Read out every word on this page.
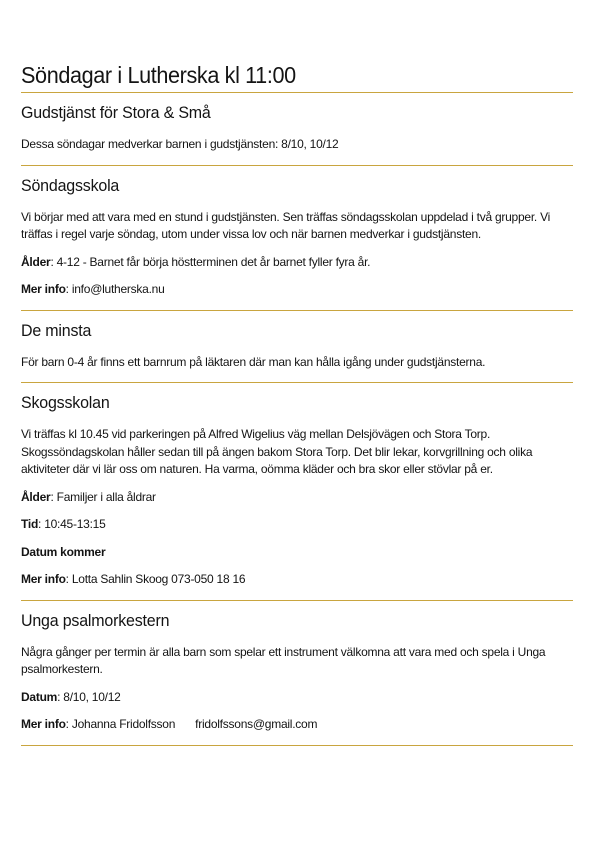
Söndagar i Lutherska kl 11:00
Gudstjänst för Stora & Små

Dessa söndagar medverkar barnen i gudstjänsten: 8/10, 10/12

Söndagsskola

Vi börjar med att vara med en stund i gudstjänsten. Sen träffas söndagsskolan uppdelad i två grupper. Vi träffas i regel varje söndag, utom under vissa lov och när barnen medverkar i gudstjänsten.

Ålder: 4-12 - Barnet får börja höstterminen det år barnet fyller fyra år.

Mer info: info@lutherska.nu

De minsta

För barn 0-4 år finns ett barnrum på läktaren där man kan hålla igång under gudstjänsterna.

Skogsskolan

Vi träffas kl 10.45 vid parkeringen på Alfred Wigelius väg mellan Delsjövägen och Stora Torp. Skogssöndagskolan håller sedan till på ängen bakom Stora Torp. Det blir lekar, korvgrillning och olika aktiviteter där vi lär oss om naturen. Ha varma, oömma kläder och bra skor eller stövlar på er.

Ålder: Familjer i alla åldrar

Tid: 10:45-13:15

Datum kommer

Mer info: Lotta Sahlin Skoog 073-050 18 16

Unga psalmorkestern

Några gånger per termin är alla barn som spelar ett instrument välkomna att vara med och spela i Unga psalmorkestern.

Datum: 8/10, 10/12

Mer info: Johanna Fridolfsson fridolfssons@gmail.com
